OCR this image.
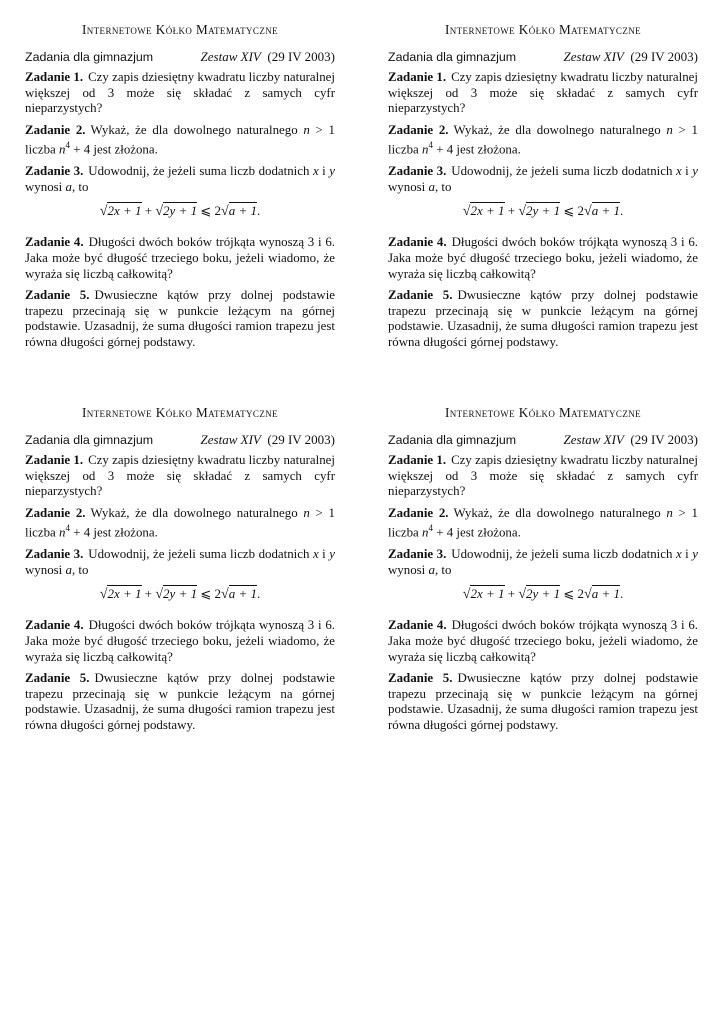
Internetowe Kółko Matematyczne
Zadania dla gimnazjum	Zestaw XIV (29 IV 2003)

Zadanie 1. Czy zapis dziesiętny kwadratu liczby naturalnej większej od 3 może się składać z samych cyfr nieparzystych?

Zadanie 2. Wykaż, że dla dowolnego naturalnego n > 1 liczba $n^4 + 4$ jest złożona.

Zadanie 3. Udowodnij, że jeżeli suma liczb dodatnich x i y wynosi a, to

√2x + 1 + √2y + 1 ⩽ 2√a + 1.

Zadanie 4. Długości dwóch boków trójkąta wynoszą 3 i 6. Jaka może być długość trzeciego boku, jeżeli wiadomo, że wyraża się liczbą całkowitą?

Zadanie 5. Dwusieczne kątów przy dolnej podstawie trapezu przecinają się w punkcie leżącym na górnej podstawie. Uzasadnij, że suma długości ramion trapezu jest równa długości górnej podstawy.

Internetowe Kółko Matematyczne
Zadania dla gimnazjum	Zestaw XIV (29 IV 2003)

Zadanie 1. Czy zapis dziesiętny kwadratu liczby naturalnej większej od 3 może się składać z samych cyfr nieparzystych?

Zadanie 2. Wykaż, że dla dowolnego naturalnego n > 1 liczba $n^4 + 4$ jest złożona.

Zadanie 3. Udowodnij, że jeżeli suma liczb dodatnich x i y wynosi a, to

√2x + 1 + √2y + 1 ⩽ 2√a + 1.

Zadanie 4. Długości dwóch boków trójkąta wynoszą 3 i 6. Jaka może być długość trzeciego boku, jeżeli wiadomo, że wyraża się liczbą całkowitą?

Zadanie 5. Dwusieczne kątów przy dolnej podstawie trapezu przecinają się w punkcie leżącym na górnej podstawie. Uzasadnij, że suma długości ramion trapezu jest równa długości górnej podstawy.

Internetowe Kółko Matematyczne
Zadania dla gimnazjum	Zestaw XIV (29 IV 2003)

Zadanie 1. Czy zapis dziesiętny kwadratu liczby naturalnej większej od 3 może się składać z samych cyfr nieparzystych?

Zadanie 2. Wykaż, że dla dowolnego naturalnego n > 1 liczba $n^4 + 4$ jest złożona.

Zadanie 3. Udowodnij, że jeżeli suma liczb dodatnich x i y wynosi a, to

√2x + 1 + √2y + 1 ⩽ 2√a + 1.

Zadanie 4. Długości dwóch boków trójkąta wynoszą 3 i 6. Jaka może być długość trzeciego boku, jeżeli wiadomo, że wyraża się liczbą całkowitą?

Zadanie 5. Dwusieczne kątów przy dolnej podstawie trapezu przecinają się w punkcie leżącym na górnej podstawie. Uzasadnij, że suma długości ramion trapezu jest równa długości górnej podstawy.

Internetowe Kółko Matematyczne
Zadania dla gimnazjum	Zestaw XIV (29 IV 2003)

Zadanie 1. Czy zapis dziesiętny kwadratu liczby naturalnej większej od 3 może się składać z samych cyfr nieparzystych?

Zadanie 2. Wykaż, że dla dowolnego naturalnego n > 1 liczba $n^4 + 4$ jest złożona.

Zadanie 3. Udowodnij, że jeżeli suma liczb dodatnich x i y wynosi a, to

√2x + 1 + √2y + 1 ⩽ 2√a + 1.

Zadanie 4. Długości dwóch boków trójkąta wynoszą 3 i 6. Jaka może być długość trzeciego boku, jeżeli wiadomo, że wyraża się liczbą całkowitą?

Zadanie 5. Dwusieczne kątów przy dolnej podstawie trapezu przecinają się w punkcie leżącym na górnej podstawie. Uzasadnij, że suma długości ramion trapezu jest równa długości górnej podstawy.
